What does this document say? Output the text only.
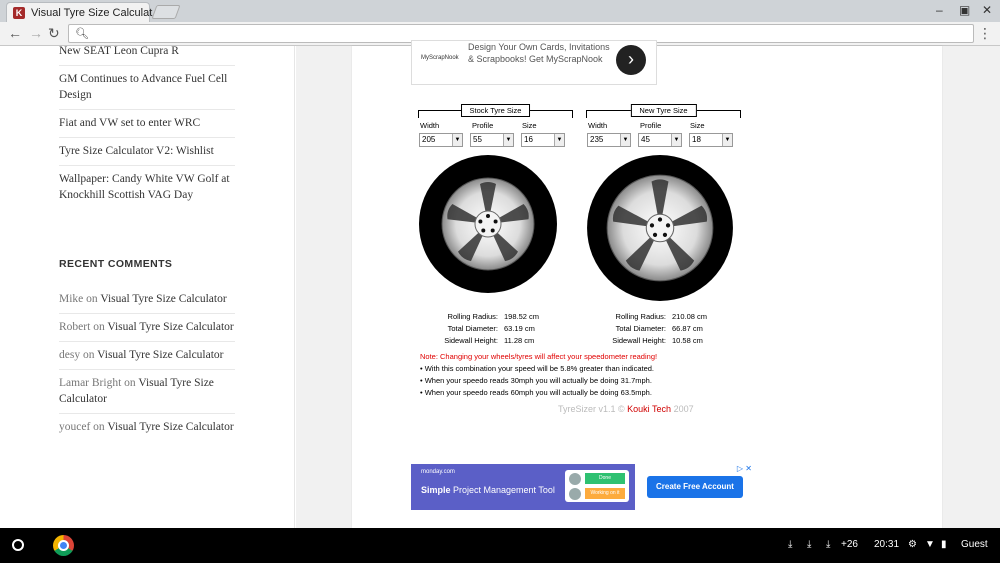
K Visual Tyre Size Calculat	– ▣ ✕
← → ↻ 🔍︎	⋮
New SEAT Leon Cupra R
GM Continues to Advance Fuel Cell Design
Fiat and VW set to enter WRC
Tyre Size Calculator V2: Wishlist
Wallpaper: Candy White VW Golf at Knockhill Scottish VAG Day
RECENT COMMENTS
Mike on Visual Tyre Size Calculator
Robert on Visual Tyre Size Calculator
desy on Visual Tyre Size Calculator
Lamar Bright on Visual Tyre Size Calculator
youcef on Visual Tyre Size Calculator
MyScrapNook
Design Your Own Cards, Invitations
& Scrapbooks! Get MyScrapNook	›
Stock Tyre Size
Width	Profile	Size
205	▼	55	▼	16	▼
New Tyre Size
Width	Profile	Size
235	▼	45	▼	18	▼
Rolling Radius: 198.52 cm
Total Diameter: 63.19 cm
Sidewall Height: 11.28 cm
Rolling Radius: 210.08 cm
Total Diameter: 66.87 cm
Sidewall Height: 10.58 cm
Note: Changing your wheels/tyres will affect your speedometer reading!
• With this combination your speed will be 5.8% greater than indicated.
• When your speedo reads 30mph you will actually be doing 31.7mph.
• When your speedo reads 60mph you will actually be doing 63.5mph.
TyreSizer v1.1 © Kouki Tech 2007
monday.com
Simple Project Management Tool
Done
Working on it
Create Free Account
▷ ✕
⤓ ⤓ ⤓ +26 20:31 ⚙ ▼ ▮ Guest
